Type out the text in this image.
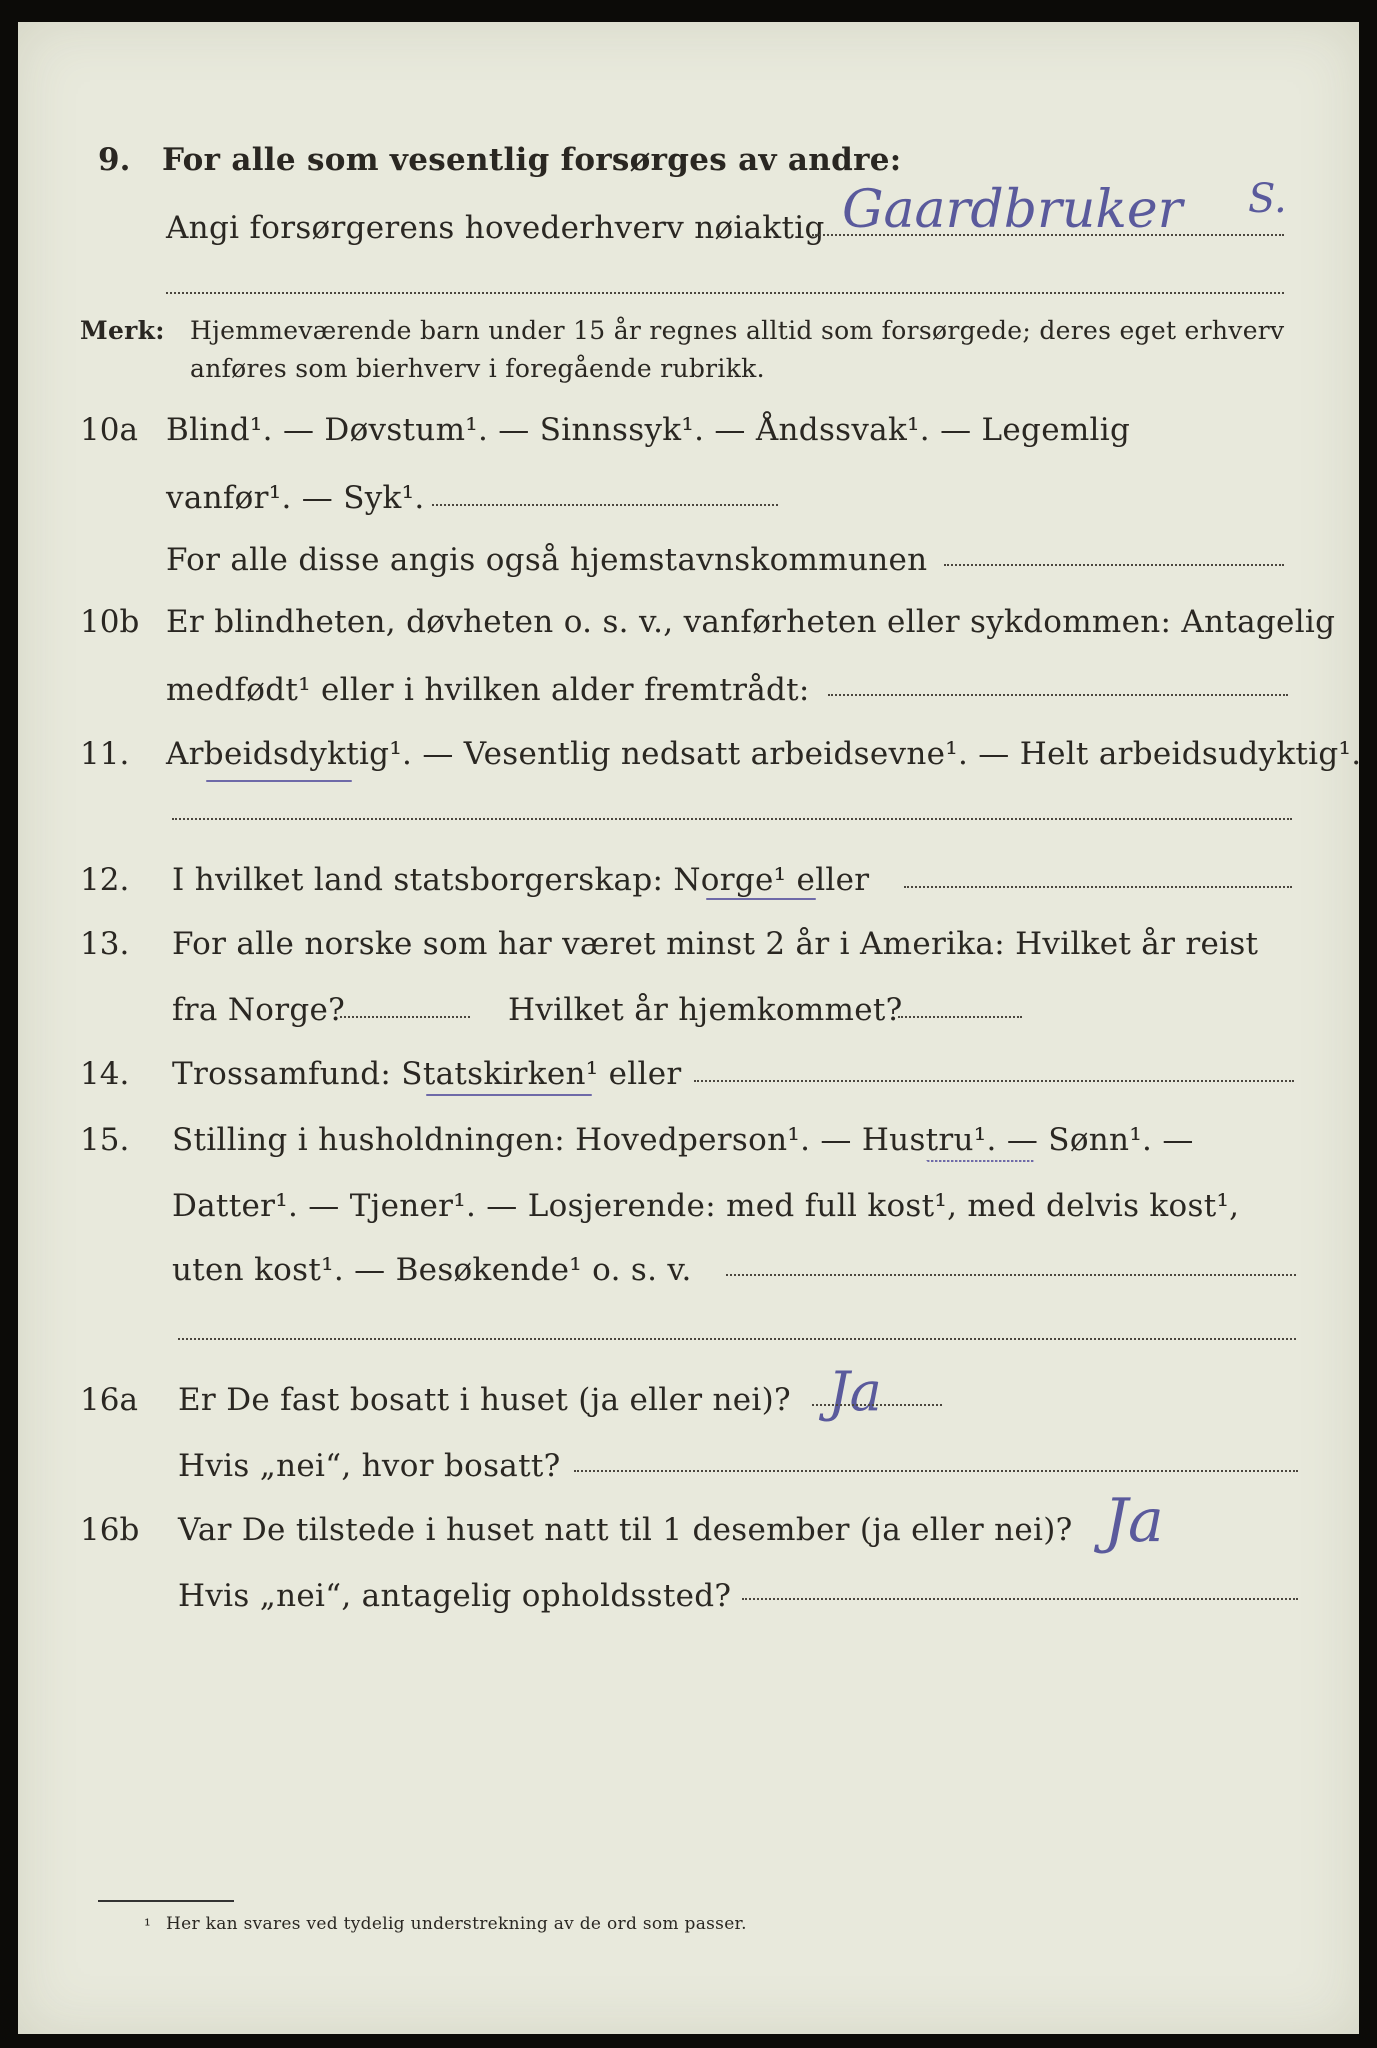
9. For alle som vesentlig forsørges av andre:
Angi forsørgerens hovederhverv nøiaktig Gaardbruker S.
Merk: Hjemmeværende barn under 15 år regnes alltid som forsørgede; deres eget erhverv
anføres som bierhverv i foregående rubrikk.
10a Blind¹. — Døvstum¹. — Sinnssyk¹. — Åndssvak¹. — Legemlig
vanfør¹. — Syk¹.
For alle disse angis også hjemstavnskommunen
10b Er blindheten, døvheten o. s. v., vanførheten eller sykdommen: Antagelig
medfødt¹ eller i hvilken alder fremtrådt:
11. Arbeidsdyktig¹. — Vesentlig nedsatt arbeidsevne¹. — Helt arbeidsudyktig¹.
12. I hvilket land statsborgerskap: Norge¹ eller
13. For alle norske som har været minst 2 år i Amerika: Hvilket år reist
fra Norge?	Hvilket år hjemkommet?
14. Trossamfund: Statskirken¹ eller
15. Stilling i husholdningen: Hovedperson¹. — Hustru¹. — Sønn¹. —
Datter¹. — Tjener¹. — Losjerende: med full kost¹, med delvis kost¹,
uten kost¹. — Besøkende¹ o. s. v.
16a Er De fast bosatt i huset (ja eller nei)? Ja
Hvis „nei“, hvor bosatt?
16b Var De tilstede i huset natt til 1 desember (ja eller nei)? Ja
Hvis „nei“, antagelig opholdssted?
¹ Her kan svares ved tydelig understrekning av de ord som passer.
